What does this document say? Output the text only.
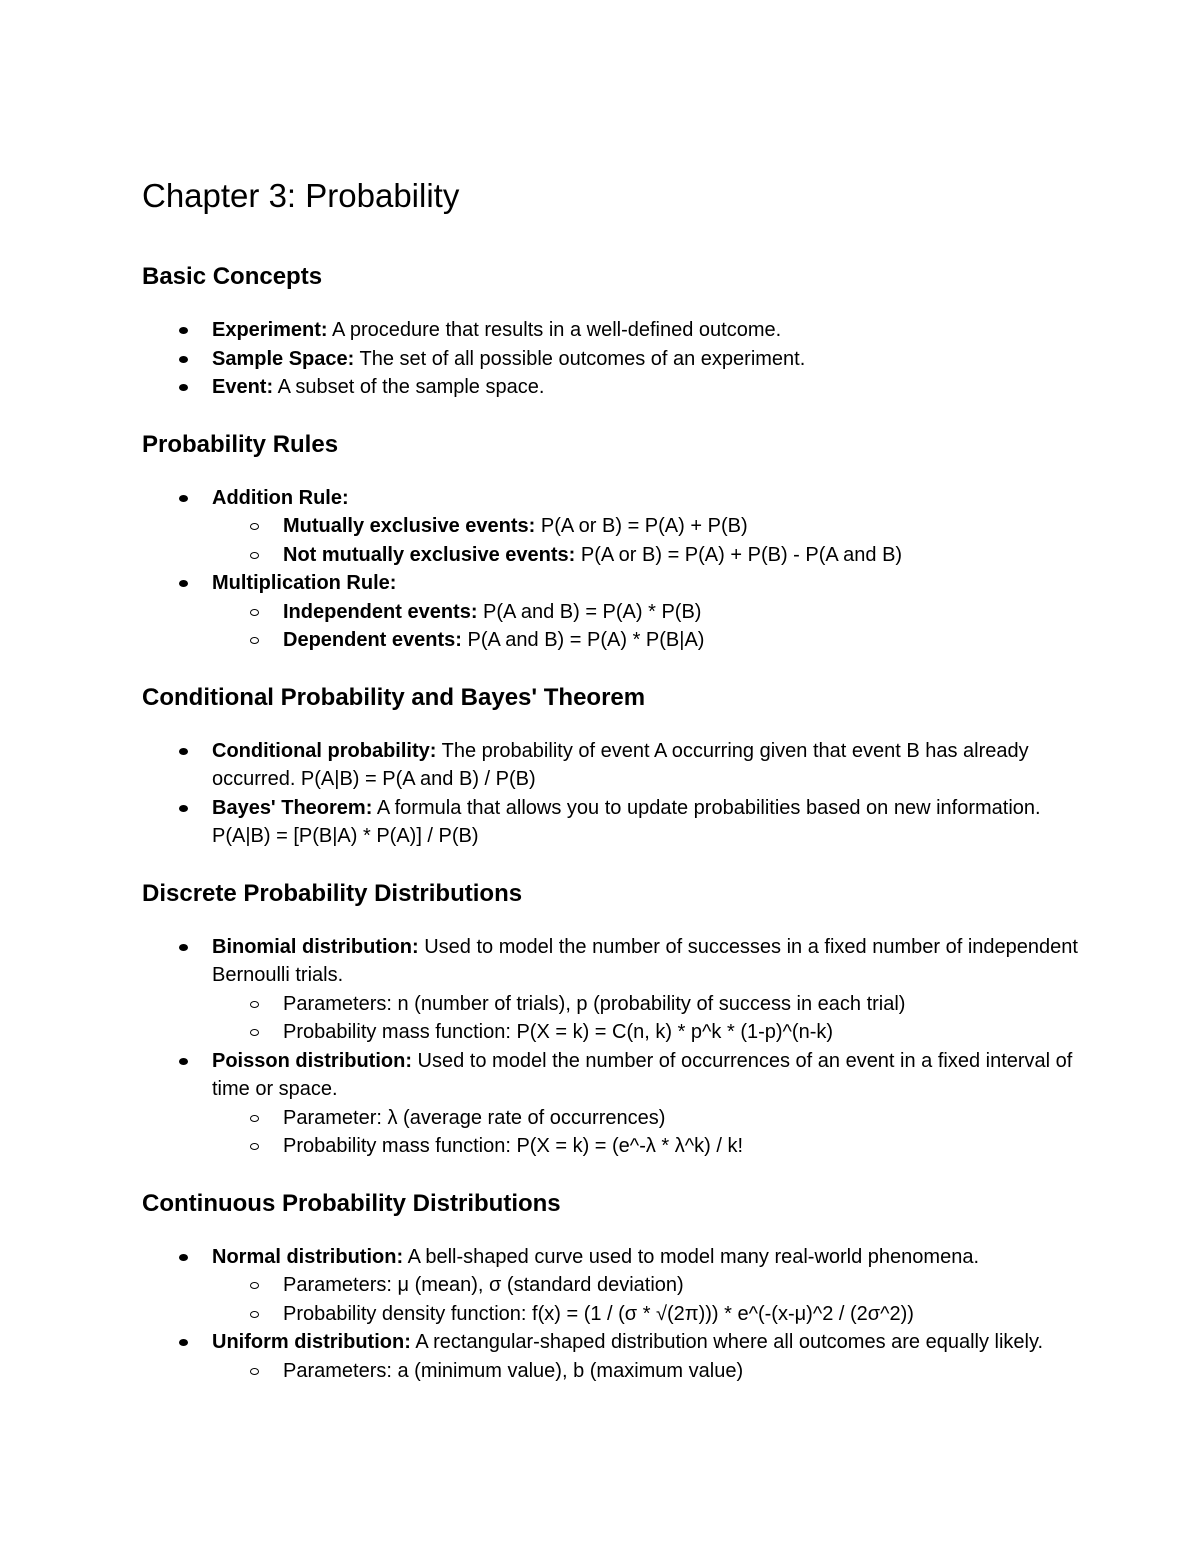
Chapter 3: Probability
Basic Concepts
Experiment: A procedure that results in a well-defined outcome.
Sample Space: The set of all possible outcomes of an experiment.
Event: A subset of the sample space.
Probability Rules
Addition Rule:
Mutually exclusive events: P(A or B) = P(A) + P(B)
Not mutually exclusive events: P(A or B) = P(A) + P(B) - P(A and B)
Multiplication Rule:
Independent events: P(A and B) = P(A) * P(B)
Dependent events: P(A and B) = P(A) * P(B|A)
Conditional Probability and Bayes' Theorem
Conditional probability: The probability of event A occurring given that event B has already occurred. P(A|B) = P(A and B) / P(B)
Bayes' Theorem: A formula that allows you to update probabilities based on new information. P(A|B) = [P(B|A) * P(A)] / P(B)
Discrete Probability Distributions
Binomial distribution: Used to model the number of successes in a fixed number of independent Bernoulli trials.
Parameters: n (number of trials), p (probability of success in each trial)
Probability mass function: P(X = k) = C(n, k) * p^k * (1-p)^(n-k)
Poisson distribution: Used to model the number of occurrences of an event in a fixed interval of time or space.
Parameter: λ (average rate of occurrences)
Probability mass function: P(X = k) = (e^-λ * λ^k) / k!
Continuous Probability Distributions
Normal distribution: A bell-shaped curve used to model many real-world phenomena.
Parameters: μ (mean), σ (standard deviation)
Probability density function: f(x) = (1 / (σ * √(2π))) * e^(-(x-μ)^2 / (2σ^2))
Uniform distribution: A rectangular-shaped distribution where all outcomes are equally likely.
Parameters: a (minimum value), b (maximum value)
